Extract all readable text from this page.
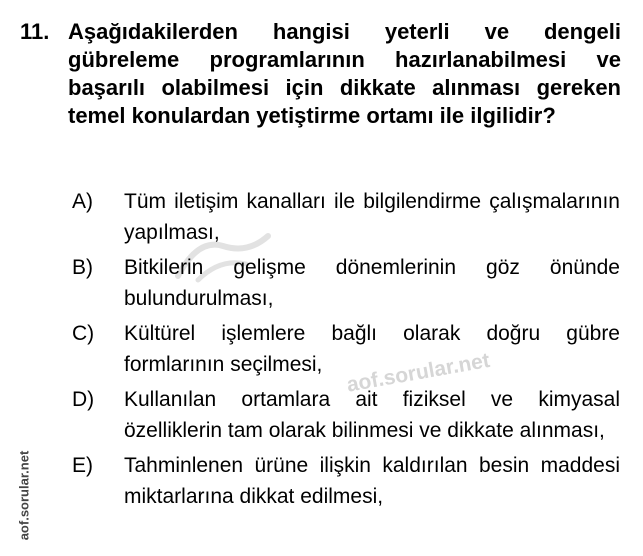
aof.sorular.net
11. Aşağıdakilerden hangisi yeterli ve dengeli gübreleme programlarının hazırlanabilmesi ve başarılı olabilmesi için dikkate alınması gereken temel konulardan yetiştirme ortamı ile ilgilidir?
A) Tüm iletişim kanalları ile bilgilendirme çalışmalarının yapılması,
B) Bitkilerin gelişme dönemlerinin göz önünde bulundurulması,
C) Kültürel işlemlere bağlı olarak doğru gübre formlarının seçilmesi,
D) Kullanılan ortamlara ait fiziksel ve kimyasal özelliklerin tam olarak bilinmesi ve dikkate alınması,
E) Tahminlenen ürüne ilişkin kaldırılan besin maddesi miktarlarına dikkat edilmesi,
aof.sorular.net
